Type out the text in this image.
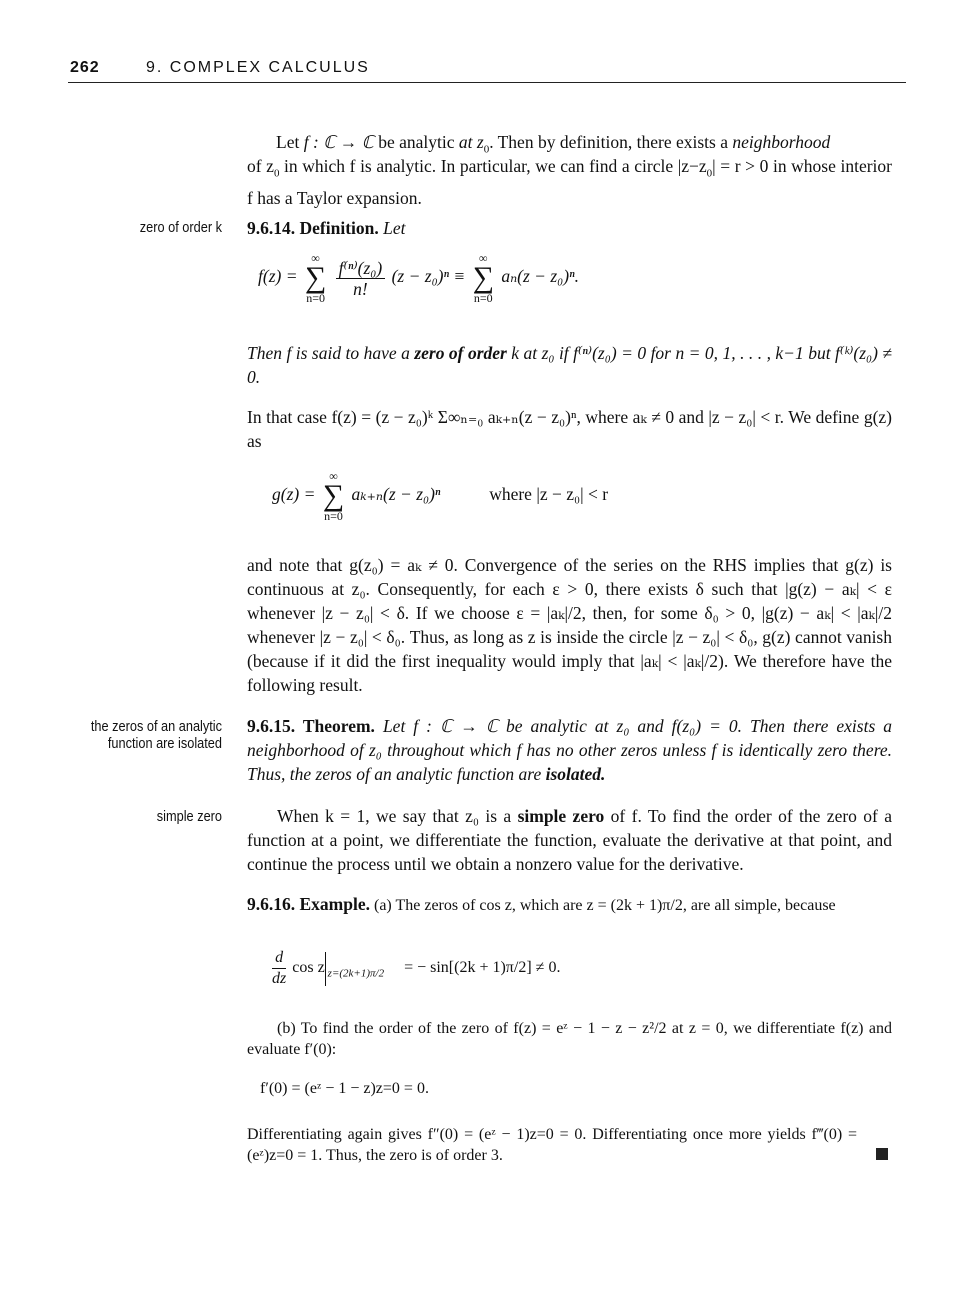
262	9. COMPLEX CALCULUS
Let f : ℂ → ℂ be analytic at $z_0$. Then by definition, there exists a neighborhood
of $z_0$ in which f is analytic. In particular, we can find a circle $|z-z_0| = r > 0$ in whose interior f has a Taylor expansion.
zero of order k 9.6.14. Definition. Let
f(z) =
∞
∑
n=0
$\frac{\text{f⁽ⁿ⁾(z₀)}}{n!} (z - z_0)^n$ ≡
∞
∑
n=0
aₙ(z − z₀)ⁿ.
Then f is said to have a zero of order k at z₀ if f⁽ⁿ⁾(z₀) = 0 for n = 0, 1, . . . , k−1 but f⁽ᵏ⁾(z₀) ≠ 0.
In that case f(z) = (z − z₀)ᵏ Σ∞ₙ₌₀ aₖ₊ₙ(z − z₀)ⁿ, where aₖ ≠ 0 and |z − z₀| < r. We define g(z) as
g(z) =
∞
∑
n=0
aₖ₊ₙ(z − z₀)ⁿ	where |z − z₀| < r
and note that g(z₀) = aₖ ≠ 0. Convergence of the series on the RHS implies that g(z) is continuous at z₀. Consequently, for each ε > 0, there exists δ such that |g(z) − aₖ| < ε whenever |z − z₀| < δ. If we choose ε = |aₖ|/2, then, for some δ₀ > 0, |g(z) − aₖ| < |aₖ|/2 whenever |z − z₀| < δ₀. Thus, as long as z is inside the circle |z − z₀| < δ₀, g(z) cannot vanish (because if it did the first inequality would imply that |aₖ| < |aₖ|/2). We therefore have the following result.
the zeros of an analytic function are isolated
9.6.15. Theorem. Let f : ℂ → ℂ be analytic at z₀ and f(z₀) = 0. Then there exists a neighborhood of z₀ throughout which f has no other zeros unless f is identically zero there. Thus, the zeros of an analytic function are isolated.
simple zero	When k = 1, we say that z₀ is a simple zero of f. To find the order of the zero of a function at a point, we differentiate the function, evaluate the derivative at that point, and continue the process until we obtain a nonzero value for the derivative.
9.6.16. Example. (a) The zeros of cos z, which are z = (2k + 1)π/2, are all simple, because
$\frac{d}{dz}$ cos z $_{z=(2k+1)\pi/2}$ = − sin[(2k + 1)π/2] ≠ 0.
(b) To find the order of the zero of f(z) = eᶻ − 1 − z − z²/2 at z = 0, we differentiate f(z) and evaluate f′(0):
f′(0) = (eᶻ − 1 − z)z=0 = 0.
Differentiating again gives f″(0) = (eᶻ − 1)z=0 = 0. Differentiating once more yields f‴(0) = (eᶻ)z=0 = 1. Thus, the zero is of order 3.
